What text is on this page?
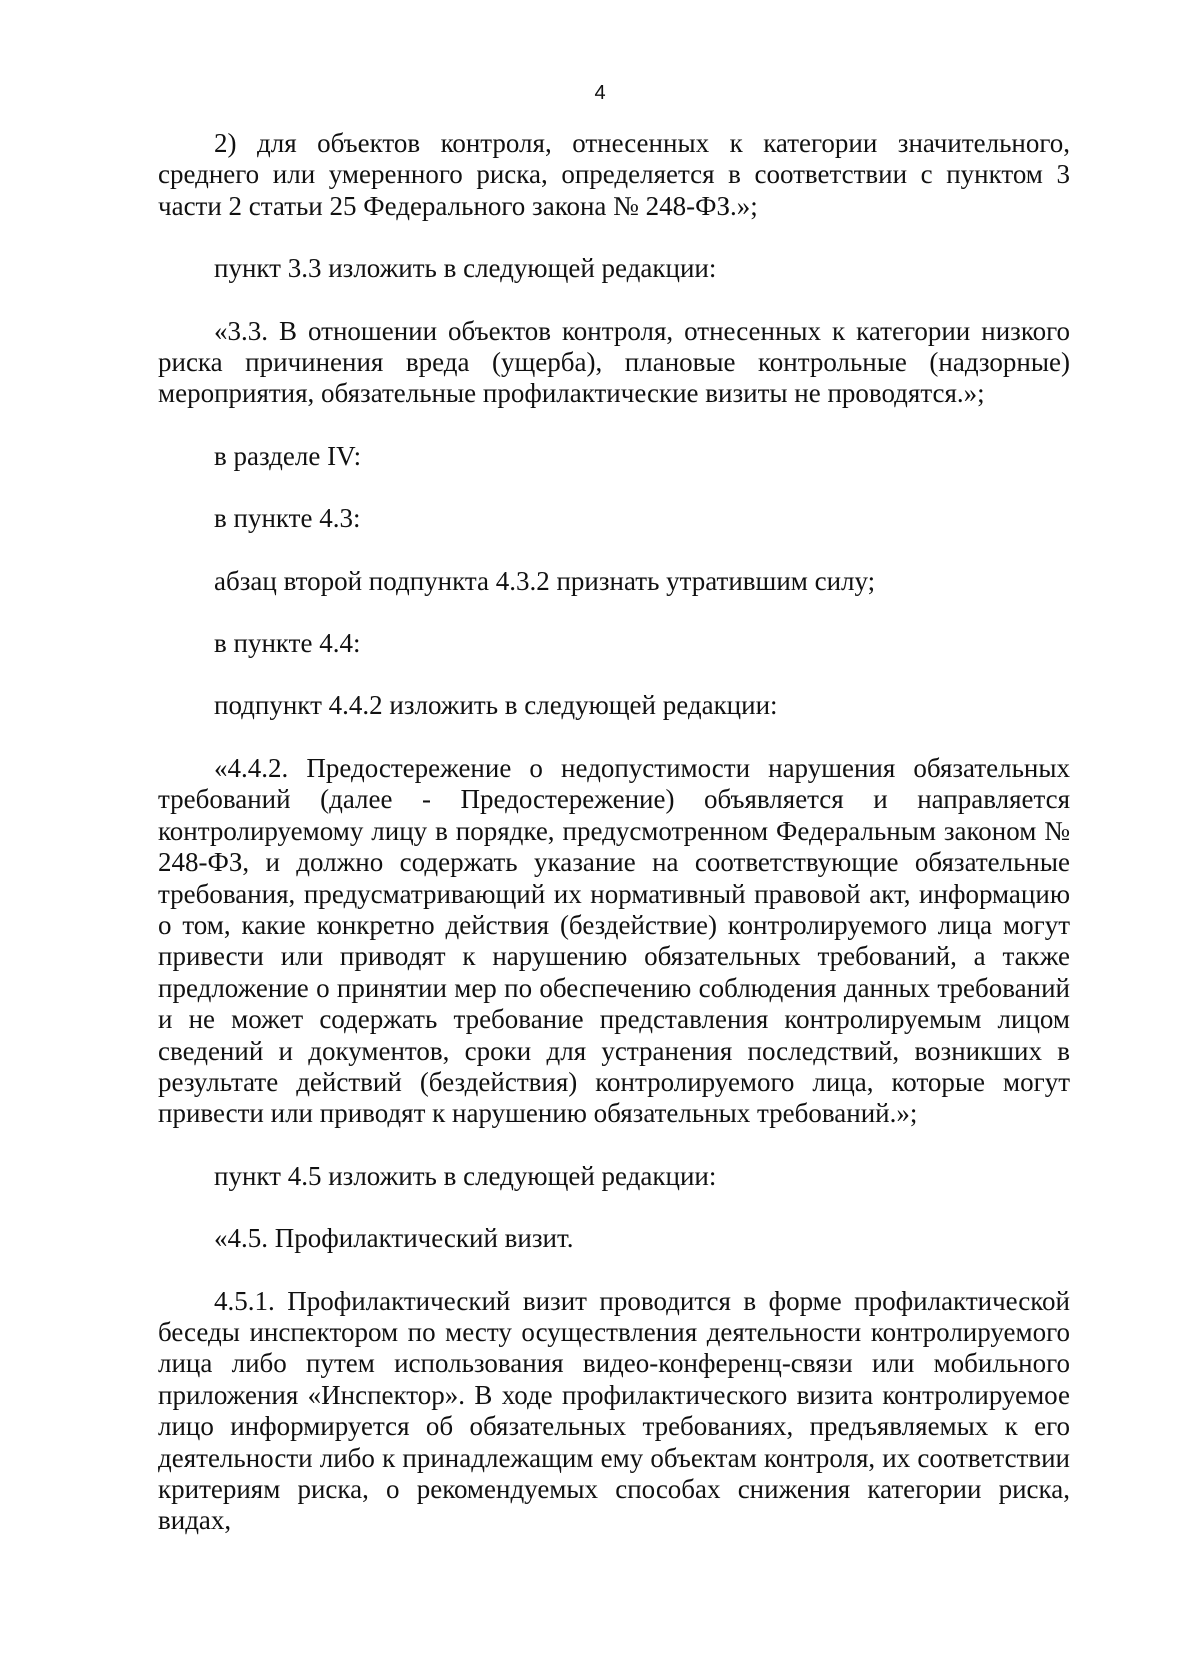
4

2) для объектов контроля, отнесенных к категории значительного, среднего или умеренного риска, определяется в соответствии с пунктом 3 части 2 статьи 25 Федерального закона № 248-ФЗ.»;

пункт 3.3 изложить в следующей редакции:

«3.3. В отношении объектов контроля, отнесенных к категории низкого риска причинения вреда (ущерба), плановые контрольные (надзорные) мероприятия, обязательные профилактические визиты не проводятся.»;

в разделе IV:

в пункте 4.3:

абзац второй подпункта 4.3.2 признать утратившим силу;

в пункте 4.4:

подпункт 4.4.2 изложить в следующей редакции:

«4.4.2. Предостережение о недопустимости нарушения обязательных требований (далее - Предостережение) объявляется и направляется контролируемому лицу в порядке, предусмотренном Федеральным законом № 248-ФЗ, и должно содержать указание на соответствующие обязательные требования, предусматривающий их нормативный правовой акт, информацию о том, какие конкретно действия (бездействие) контролируемого лица могут привести или приводят к нарушению обязательных требований, а также предложение о принятии мер по обеспечению соблюдения данных требований и не может содержать требование представления контролируемым лицом сведений и документов, сроки для устранения последствий, возникших в результате действий (бездействия) контролируемого лица, которые могут привести или приводят к нарушению обязательных требований.»;

пункт 4.5 изложить в следующей редакции:

«4.5. Профилактический визит.

4.5.1. Профилактический визит проводится в форме профилактической беседы инспектором по месту осуществления деятельности контролируемого лица либо путем использования видео-конференц-связи или мобильного приложения «Инспектор». В ходе профилактического визита контролируемое лицо информируется об обязательных требованиях, предъявляемых к его деятельности либо к принадлежащим ему объектам контроля, их соответствии критериям риска, о рекомендуемых способах снижения категории риска, видах,
